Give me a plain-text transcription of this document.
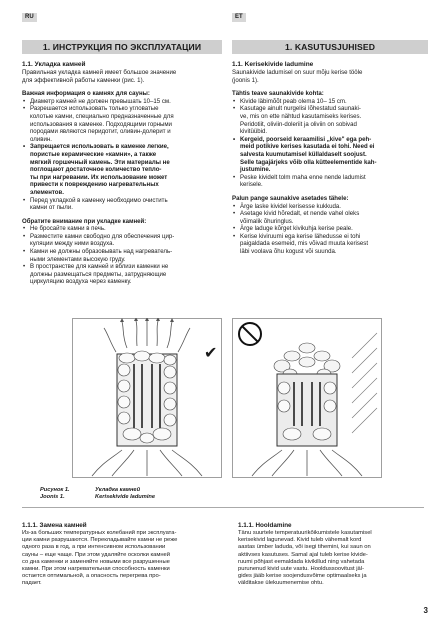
RU	ET
1. ИНСТРУКЦИЯ ПО ЭКСПЛУАТАЦИИ
1.1. Укладка камней

Правильная укладка камней имеет большое значение

для эффективной работы каменки (рис. 1).

Важная информация о камнях для сауны:

• Диаметр камней не должен превышать 10–15 см.
• Разрешается использовать только угловатые
колотые камни, специально предназначенные для
использования в каменке. Подходящими горными
породами являются перидотит, оливин-долерит и
оливин.
• Запрещается использовать в каменке легкие,
пористые керамические «камни», а также
мягкий горшечный камень. Эти материалы не
поглощают достаточное количество тепло-
ты при нагревании. Их использование может
привести к повреждению нагревательных
элементов.
• Перед укладкой в каменку необходимо очистить
камни от пыли.

Обратите внимание при укладке камней:

• Не бросайте камни в печь.
• Разместите камни свободно для обеспечения цир-
куляции между ними воздуха.
• Камни не должны образовывать над нагреватель-
ными элементами высокую груду.
• В пространстве для камней и вблизи каменки не
должны размещаться предметы, затрудняющие
циркуляцию воздуха через каменку.
1. KASUTUSJUHISED
1.1. Kerisekivide ladumine

Saunakivide ladumisel on suur mõju kerise tööle

(joonis 1).

Tähtis teave saunakivide kohta:

• Kivide läbimõõt peab olema 10– 15 cm.
• Kasutage ainult nurgelisi lõhestatud saunaki-
ve, mis on ette nähtud kasutamiseks kerises.
Peridotiit, oliviin-doleriit ja oliviin on sobivad
kivitüübid.
• Kergeid, poorseid keraamilisi „kive" ega peh-
meid potikive kerises kasutada ei tohi. Need ei
salvesta kuumutamisel küllaldaselt soojust.
Selle tagajärjeks võib olla kütteelementide kah-
justumine.
• Peske kividelt tolm maha enne nende ladumist
kerisele.

Palun pange saunakive asetades tähele:

• Ärge laske kividel kerisesse kukkuda.
• Asetage kivid hõredalt, et nende vahel oleks
võimalik õhuringlus.
• Ärge laduge kõrget kivikuhja kerise peale.
• Kerise kiviruumi ega kerise lähedusse ei tohi
paigaldada esemeid, mis võivad muuta kerisest
läbi voolava õhu kogust või suunda.
✔
Рисунок 1.	Укладка камней
Joonis 1.	Kerisekivide ladumine
1.1.1. Замена камней

Из-за больших температурных колебаний при эксплуата-

ции камни разрушаются. Перекладывайте камни не реже

одного раза в год, а при интенсивном использовании

сауны – еще чаще. При этом удаляйте осколки камней

со дна каменки и заменяйте новыми все разрушенные

камни. При этом нагревательная способность каменки

остается оптимальной, а опасность перегрева про-

падает.

1.1.1. Hooldamine

Tänu suurtele temperatuurikõikumistele kasutamisel

kerisekivid lagunevad. Kivid tuleb vähemalt kord

aastas ümber laduda, või isegi tihemini, kui saun on

aktiivses kasutuses. Samal ajal tuleb kerise kivide-

ruumi põhjast eemaldada kivikillud ning vahetada

purunenud kivid uute vastu. Hooldussoovitust jäl-

gides jääb kerise soojendusvõime optimaalseks ja

välditakse ülekuumenemise ohtu.

3
